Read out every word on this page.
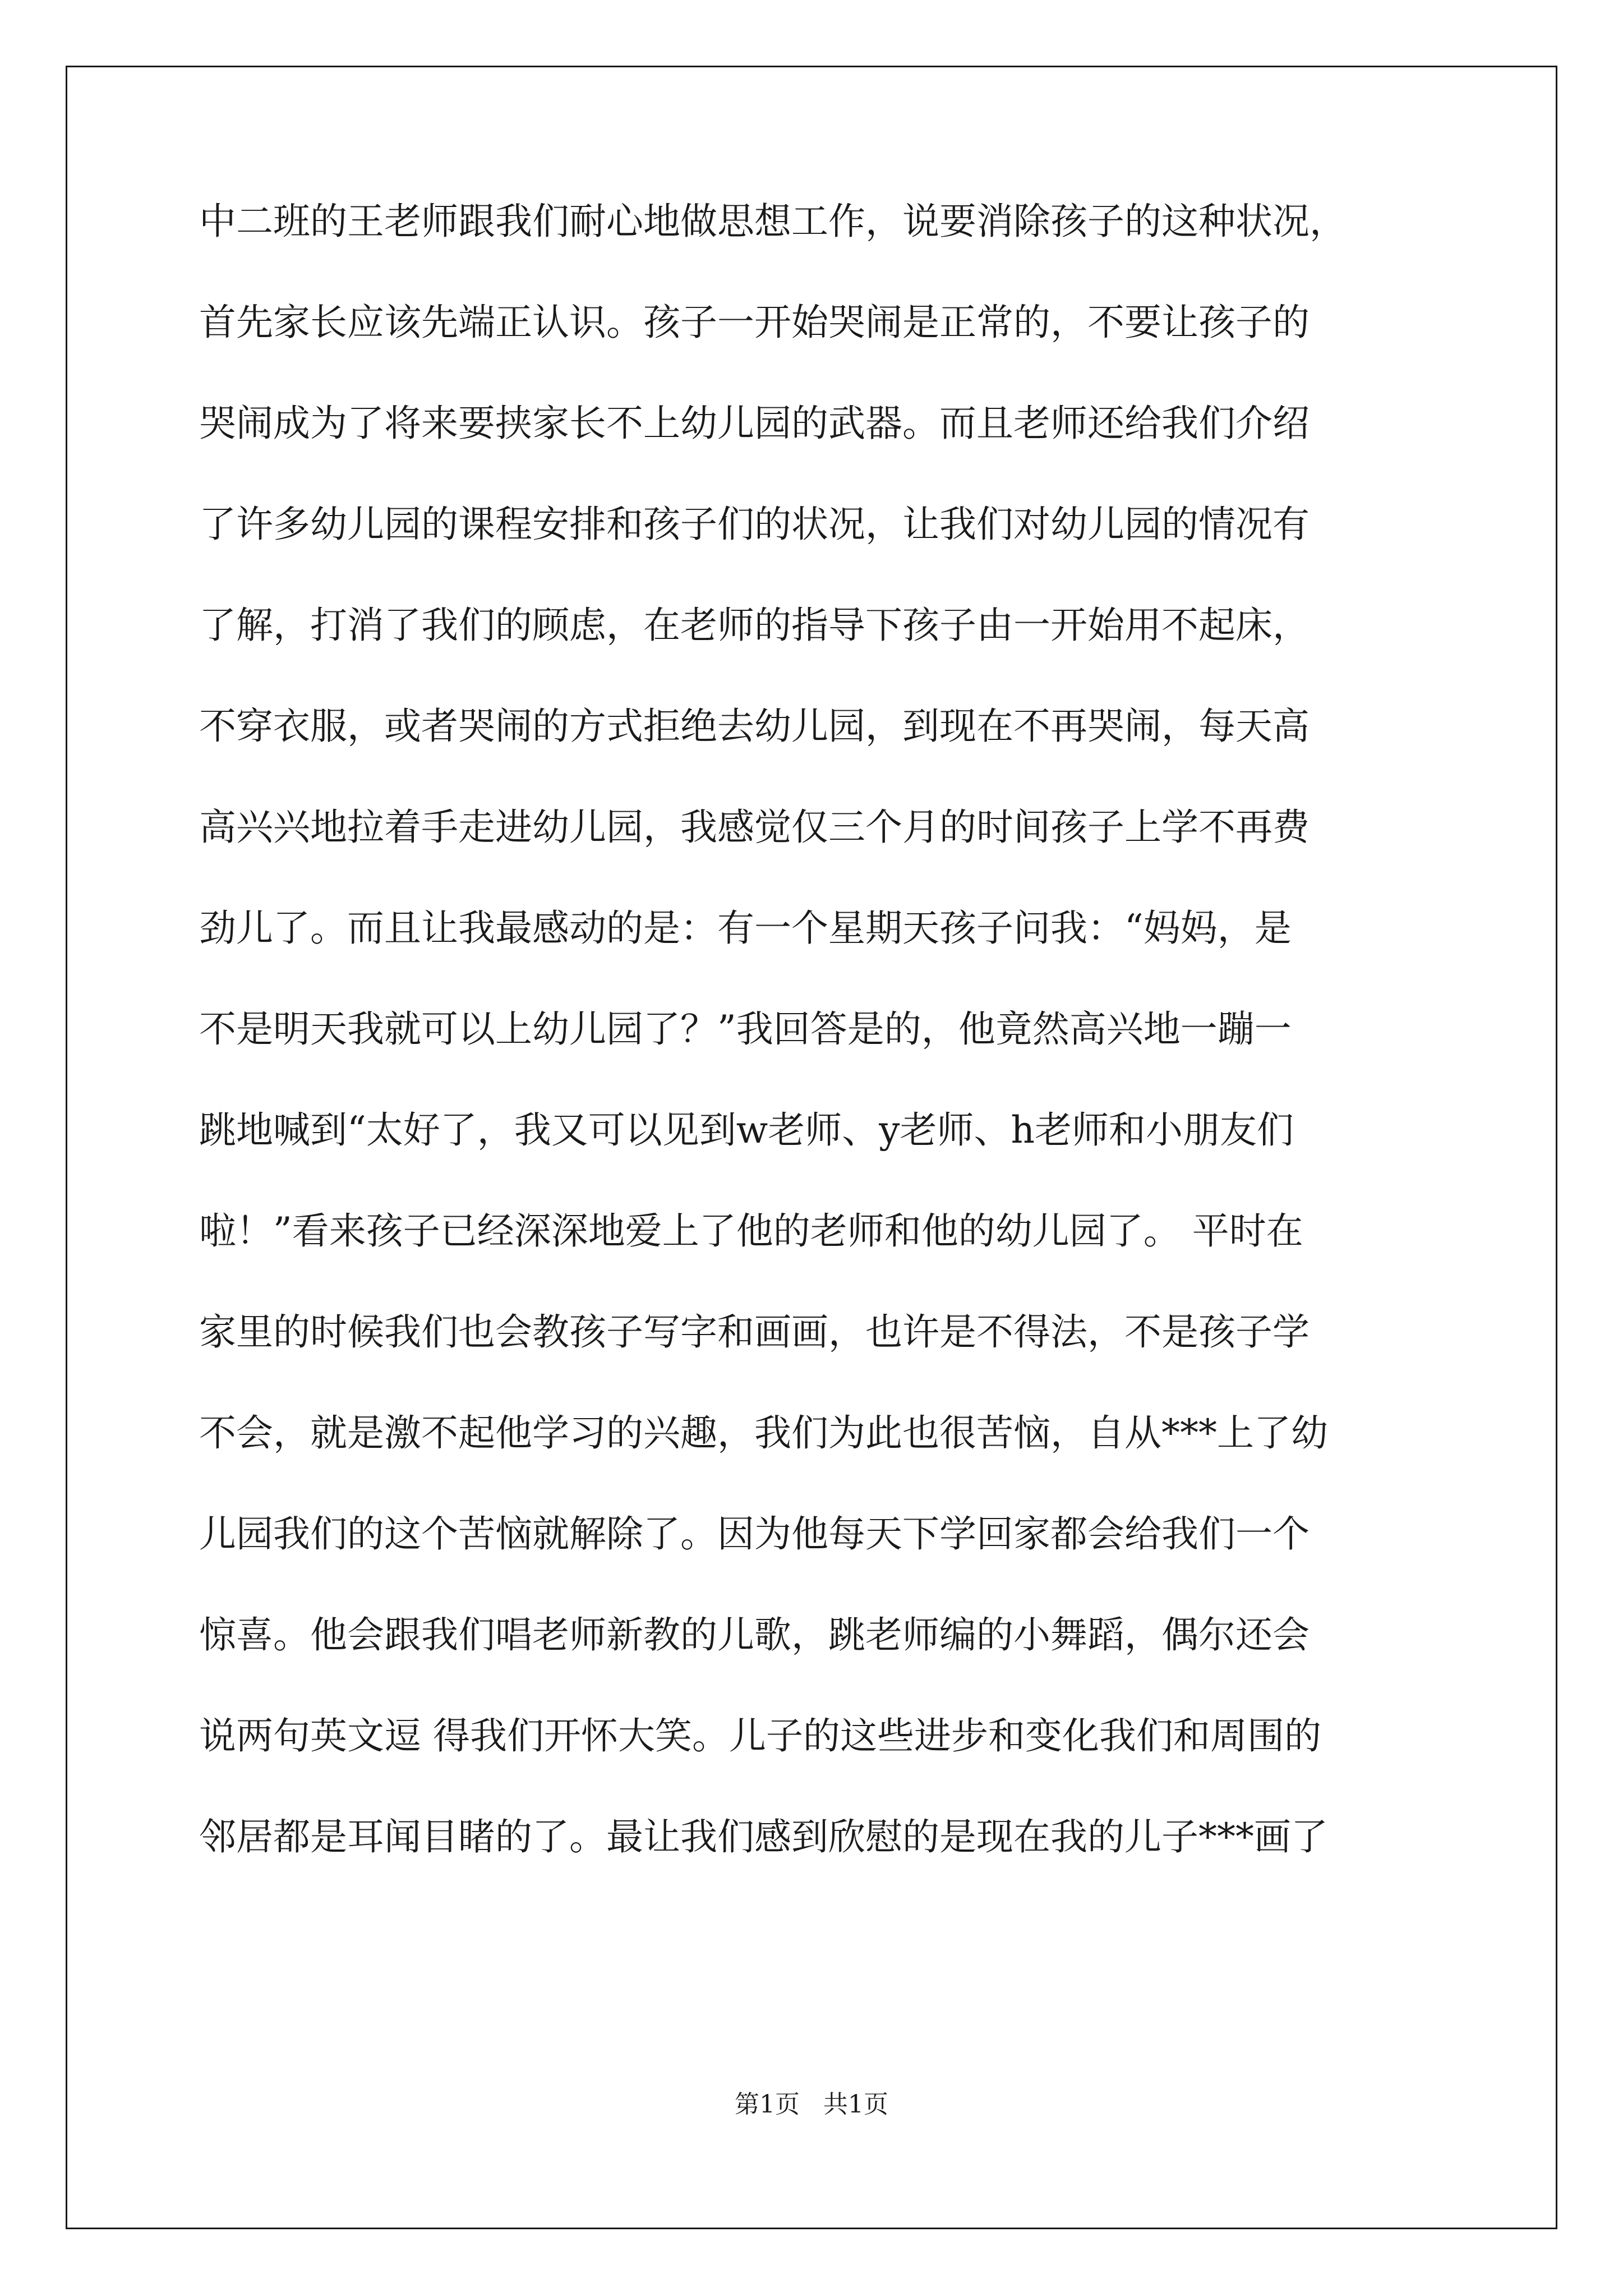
中二班的王老师跟我们耐心地做思想工作，说要消除孩子的这种状况，
首先家长应该先端正认识。孩子一开始哭闹是正常的，不要让孩子的
哭闹成为了将来要挟家长不上幼儿园的武器。而且老师还给我们介绍
了许多幼儿园的课程安排和孩子们的状况，让我们对幼儿园的情况有
了解，打消了我们的顾虑，在老师的指导下孩子由一开始用不起床，
不穿衣服，或者哭闹的方式拒绝去幼儿园，到现在不再哭闹，每天高
高兴兴地拉着手走进幼儿园，我感觉仅三个月的时间孩子上学不再费
劲儿了。而且让我最感动的是：有一个星期天孩子问我：“妈妈，是
不是明天我就可以上幼儿园了？”我回答是的，他竟然高兴地一蹦一
跳地喊到“太好了，我又可以见到w老师、y老师、h老师和小朋友们
啦！”看来孩子已经深深地爱上了他的老师和他的幼儿园了。 平时在
家里的时候我们也会教孩子写字和画画，也许是不得法，不是孩子学
不会，就是激不起他学习的兴趣，我们为此也很苦恼，自从***上了幼
儿园我们的这个苦恼就解除了。因为他每天下学回家都会给我们一个
惊喜。他会跟我们唱老师新教的儿歌，跳老师编的小舞蹈，偶尔还会
说两句英文逗 得我们开怀大笑。儿子的这些进步和变化我们和周围的
邻居都是耳闻目睹的了。最让我们感到欣慰的是现在我的儿子***画了
第1页   共1页
